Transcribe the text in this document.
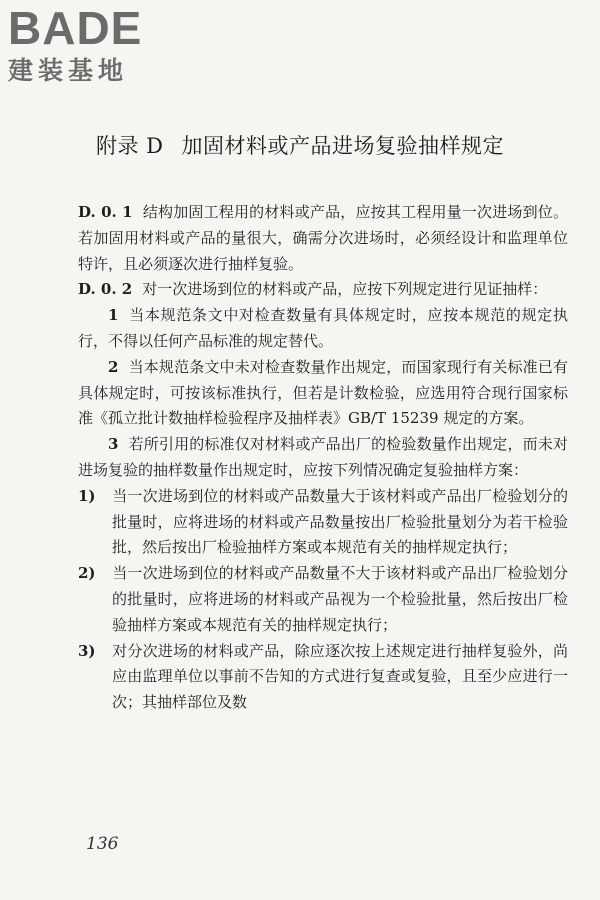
BADE
建装基地
附录 D 加固材料或产品进场复验抽样规定

D. 0. 1 结构加固工程用的材料或产品，应按其工程用量一次进场到位。若加固用材料或产品的量很大，确需分次进场时，必须经设计和监理单位特许，且必须逐次进行抽样复验。

D. 0. 2 对一次进场到位的材料或产品，应按下列规定进行见证抽样：

1 当本规范条文中对检查数量有具体规定时，应按本规范的规定执行，不得以任何产品标准的规定替代。

2 当本规范条文中未对检查数量作出规定，而国家现行有关标准已有具体规定时，可按该标准执行，但若是计数检验，应选用符合现行国家标准《孤立批计数抽样检验程序及抽样表》GB/T 15239 规定的方案。

3 若所引用的标准仅对材料或产品出厂的检验数量作出规定，而未对进场复验的抽样数量作出规定时，应按下列情况确定复验抽样方案：

1) 当一次进场到位的材料或产品数量大于该材料或产品出厂检验划分的批量时，应将进场的材料或产品数量按出厂检验批量划分为若干检验批，然后按出厂检验抽样方案或本规范有关的抽样规定执行；

2) 当一次进场到位的材料或产品数量不大于该材料或产品出厂检验划分的批量时，应将进场的材料或产品视为一个检验批量，然后按出厂检验抽样方案或本规范有关的抽样规定执行；

3) 对分次进场的材料或产品，除应逐次按上述规定进行抽样复验外，尚应由监理单位以事前不告知的方式进行复查或复验，且至少应进行一次；其抽样部位及数

136
